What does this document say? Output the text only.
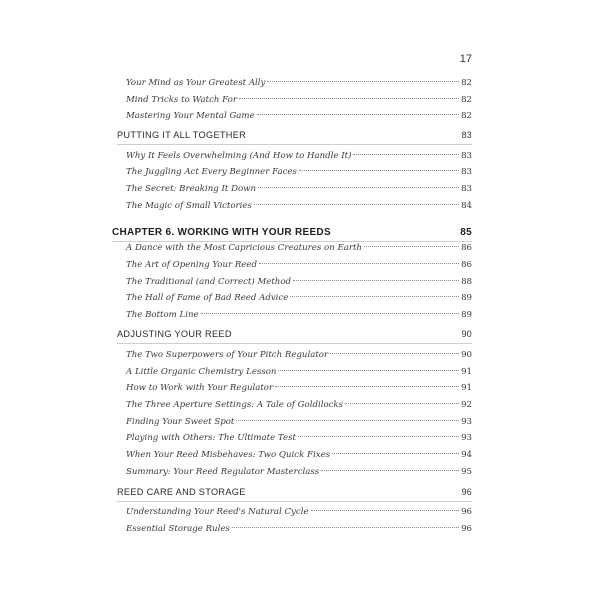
17
Your Mind as Your Greatest Ally	82
Mind Tricks to Watch For	82
Mastering Your Mental Game	82
PUTTING IT ALL TOGETHER	83
Why It Feels Overwhelming (And How to Handle It)	83
The Juggling Act Every Beginner Faces	83
The Secret: Breaking It Down	83
The Magic of Small Victories	84
CHAPTER 6. WORKING WITH YOUR REEDS	85
A Dance with the Most Capricious Creatures on Earth	86
The Art of Opening Your Reed	86
The Traditional (and Correct) Method	88
The Hall of Fame of Bad Reed Advice	89
The Bottom Line	89
ADJUSTING YOUR REED	90
The Two Superpowers of Your Pitch Regulator	90
A Little Organic Chemistry Lesson	91
How to Work with Your Regulator	91
The Three Aperture Settings: A Tale of Goldilocks	92
Finding Your Sweet Spot	93
Playing with Others: The Ultimate Test	93
When Your Reed Misbehaves: Two Quick Fixes	94
Summary: Your Reed Regulator Masterclass	95
REED CARE AND STORAGE	96
Understanding Your Reed's Natural Cycle	96
Essential Storage Rules	96
